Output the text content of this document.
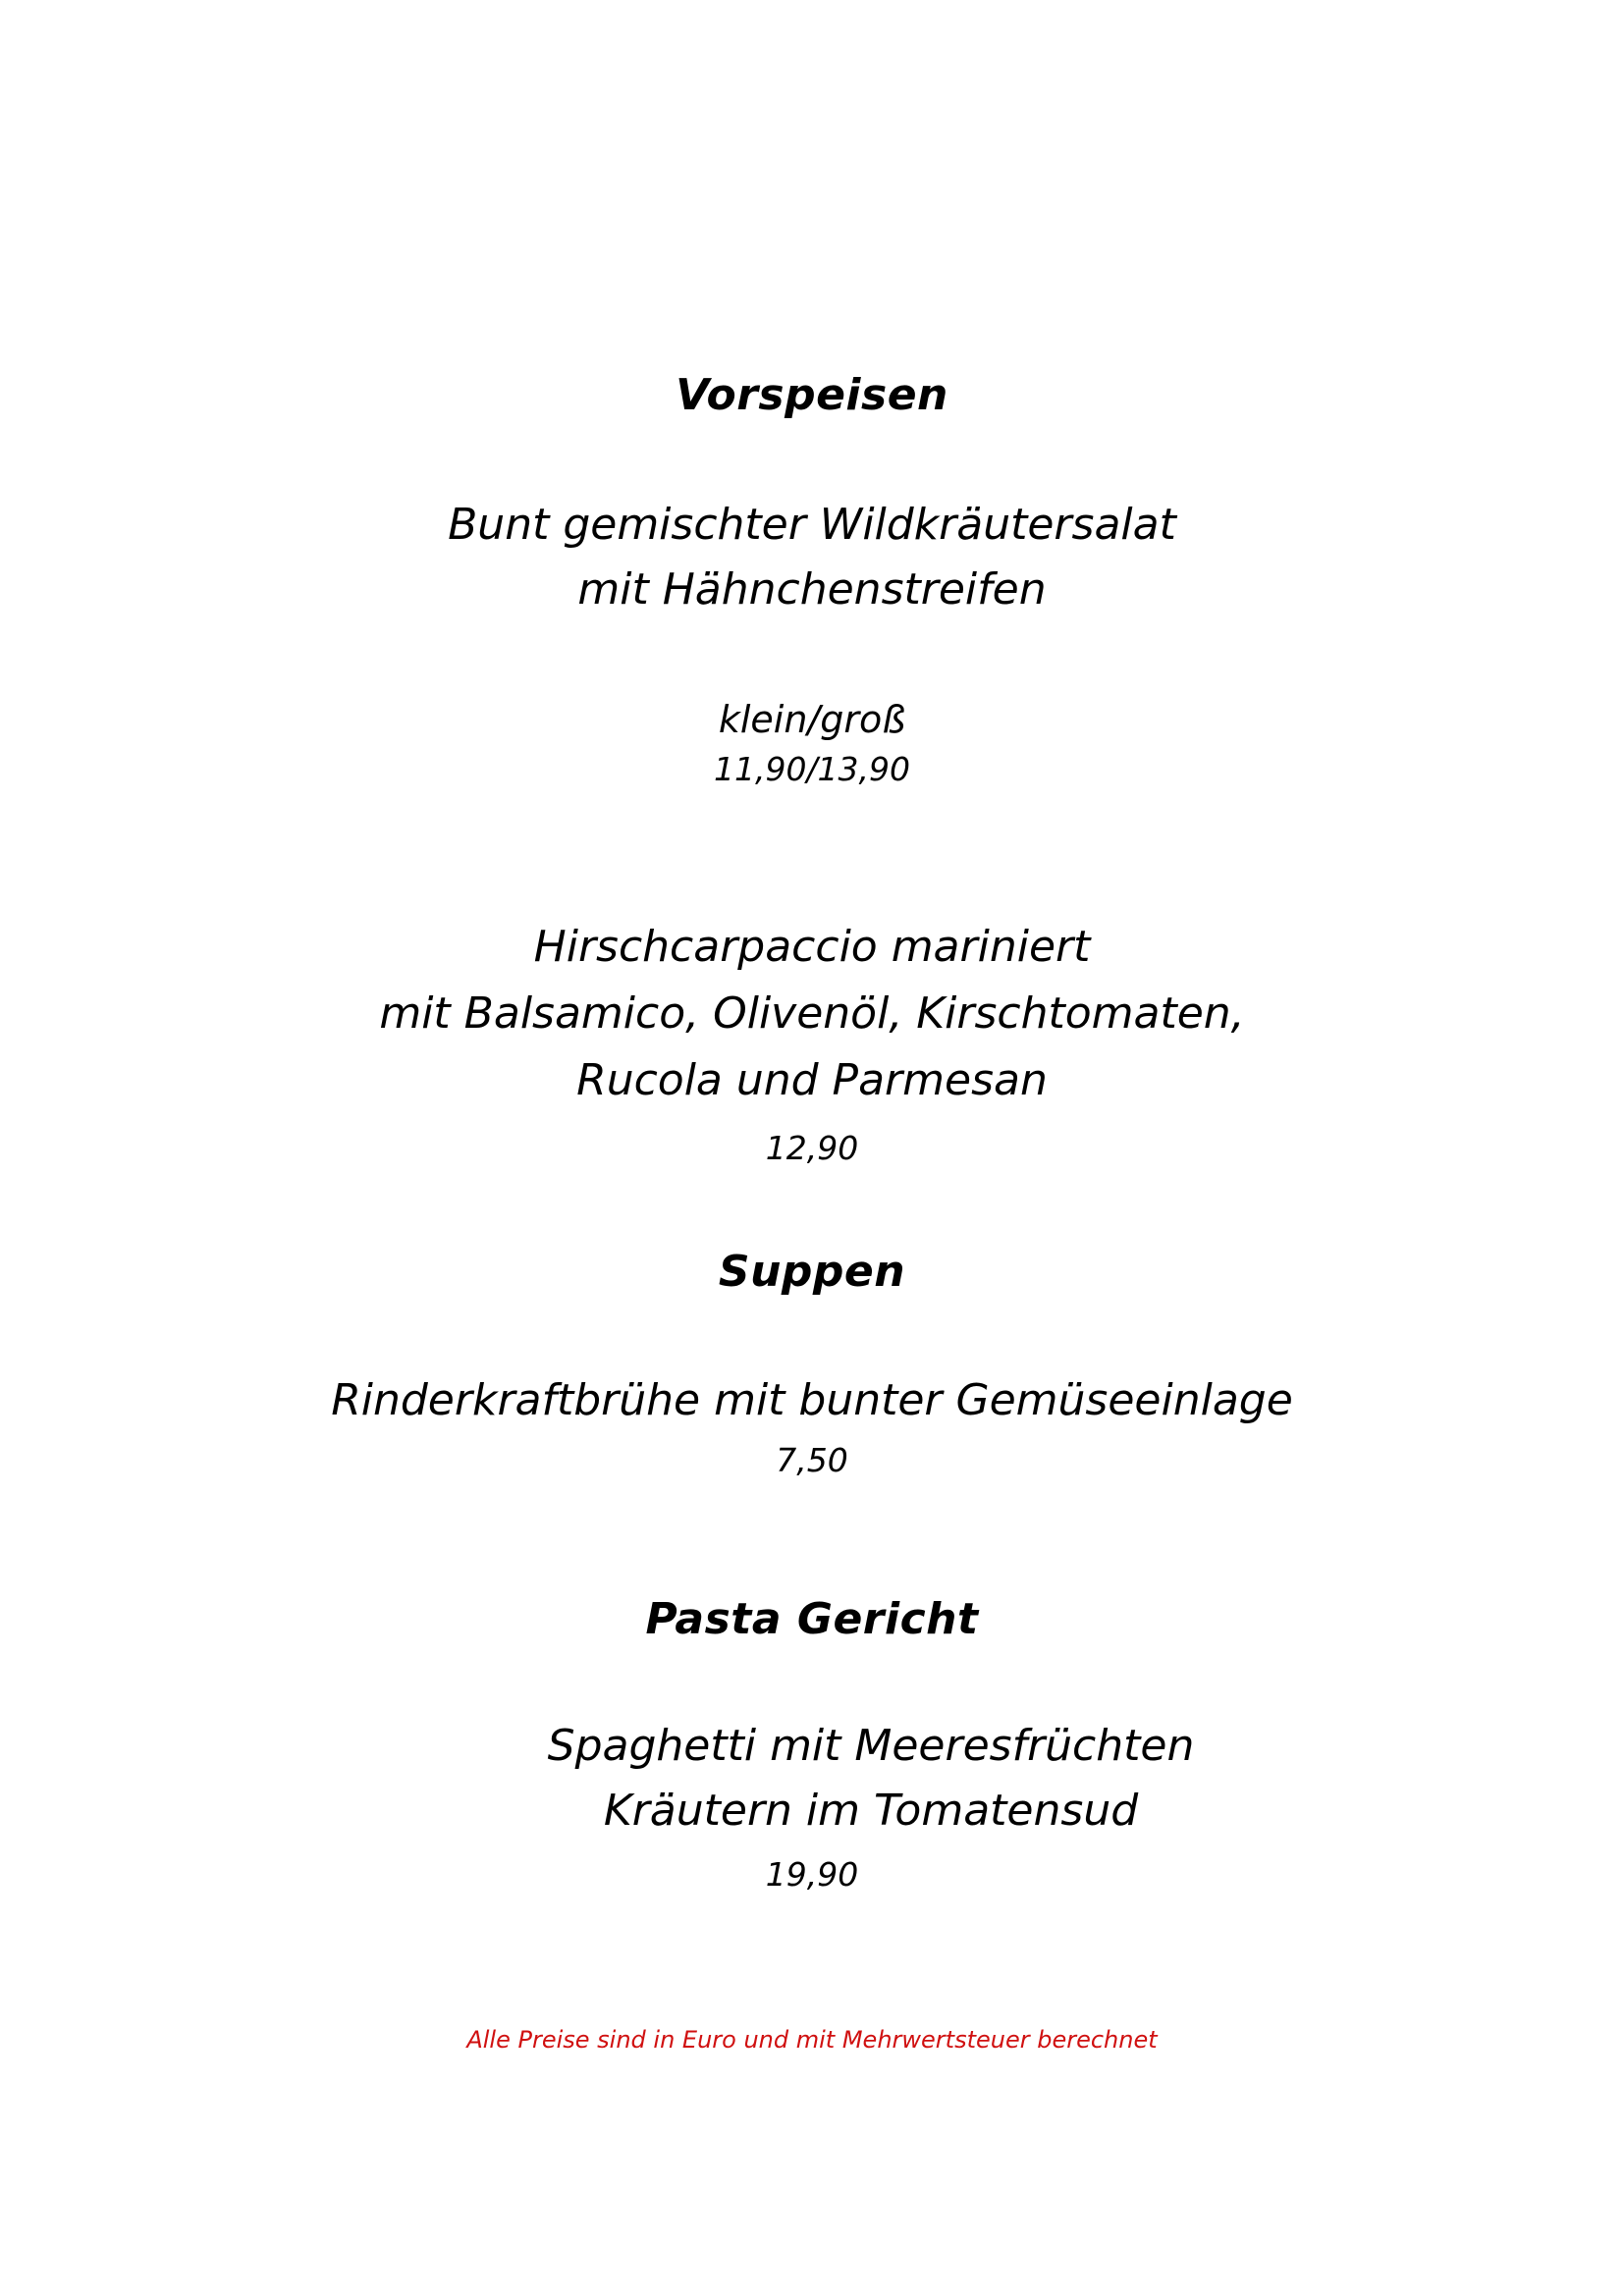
Vorspeisen

Bunt gemischter Wildkräutersalat

mit Hähnchenstreifen

klein/groß

11,90/13,90

Hirschcarpaccio mariniert

mit Balsamico, Olivenöl, Kirschtomaten,

Rucola und Parmesan

12,90

Suppen

Rinderkraftbrühe mit bunter Gemüseeinlage

7,50

Pasta Gericht

Spaghetti mit Meeresfrüchten

Kräutern im Tomatensud

19,90

Alle Preise sind in Euro und mit Mehrwertsteuer berechnet
